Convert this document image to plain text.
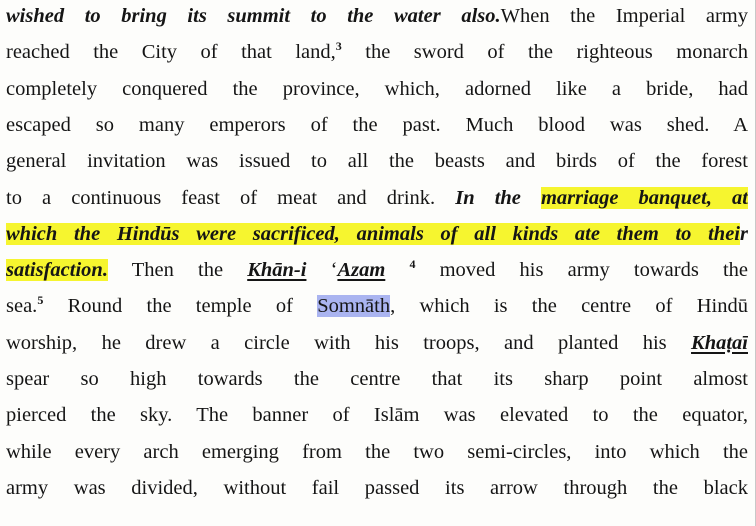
wished to bring its summit to the water also.When the Imperial army
reached the City of that land,$^3$ the sword of the righteous monarch
completely conquered the province, which, adorned like a bride, had
escaped so many emperors of the past. Much blood was shed. A
general invitation was issued to all the beasts and birds of the forest
to a continuous feast of meat and drink. In the marriage banquet, at
which the Hindūs were sacrificed, animals of all kinds ate them to their
satisfaction. Then the Khān-i ‘Azam $^4$ moved his army towards the
sea.$^5$ Round the temple of Somnāth, which is the centre of Hindū
worship, he drew a circle with his troops, and planted his Khaṭaī
spear so high towards the centre that its sharp point almost
pierced the sky. The banner of Islām was elevated to the equator,
while every arch emerging from the two semi-circles, into which the
army was divided, without fail passed its arrow through the black
